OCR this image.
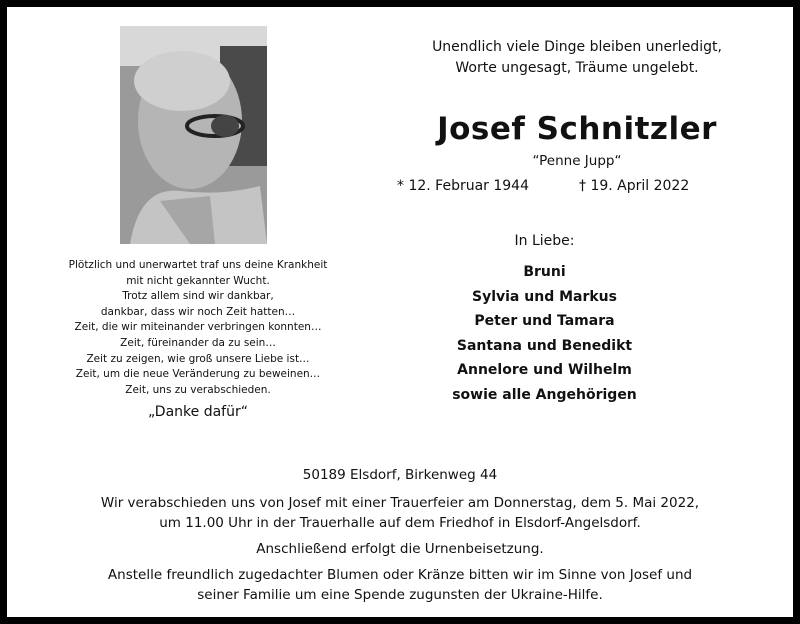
Plötzlich und unerwartet traf uns deine Krankheit
mit nicht gekannter Wucht.
Trotz allem sind wir dankbar,
dankbar, dass wir noch Zeit hatten…
Zeit, die wir miteinander verbringen konnten…
Zeit, füreinander da zu sein…
Zeit zu zeigen, wie groß unsere Liebe ist…
Zeit, um die neue Veränderung zu beweinen…
Zeit, uns zu verabschieden.
„Danke dafür“
Unendlich viele Dinge bleiben unerledigt,
Worte ungesagt, Träume ungelebt.
Josef Schnitzler
“Penne Jupp“
* 12. Februar 1944	† 19. April 2022
In Liebe:
Bruni
Sylvia und Markus
Peter und Tamara
Santana und Benedikt
Annelore und Wilhelm
sowie alle Angehörigen
50189 Elsdorf, Birkenweg 44

Wir verabschieden uns von Josef mit einer Trauerfeier am Donnerstag, dem 5. Mai 2022,
um 11.00 Uhr in der Trauerhalle auf dem Friedhof in Elsdorf-Angelsdorf.

Anschließend erfolgt die Urnenbeisetzung.

Anstelle freundlich zugedachter Blumen oder Kränze bitten wir im Sinne von Josef und
seiner Familie um eine Spende zugunsten der Ukraine-Hilfe.
